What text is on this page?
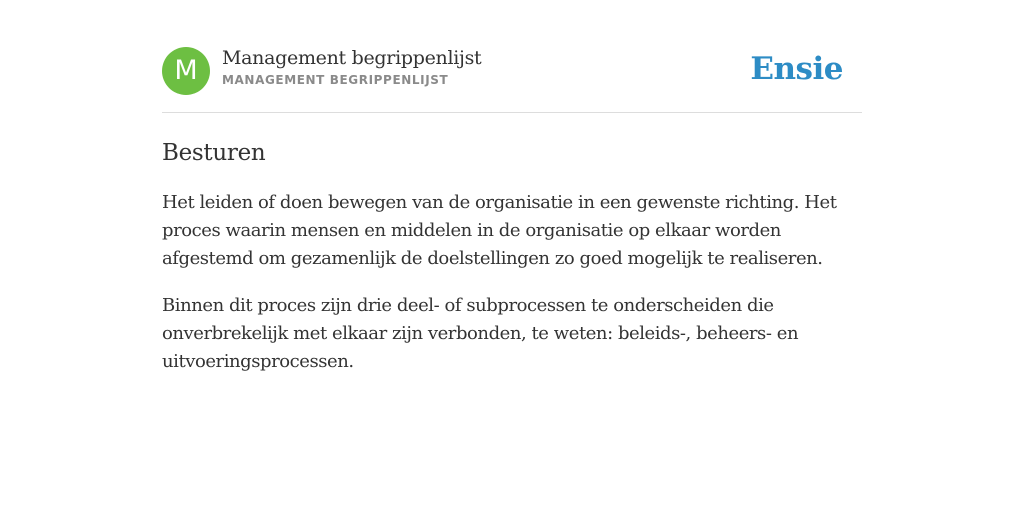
M	Management begrippenlijst
MANAGEMENT BEGRIPPENLIJST	Ensie
Besturen

Het leiden of doen bewegen van de organisatie in een gewenste richting. Het proces waarin mensen en middelen in de organisatie op elkaar worden afgestemd om gezamenlijk de doelstellingen zo goed mogelijk te realiseren.

Binnen dit proces zijn drie deel- of subprocessen te onderscheiden die onverbrekelijk met elkaar zijn verbonden, te weten: beleids-, beheers- en uitvoeringsprocessen.
